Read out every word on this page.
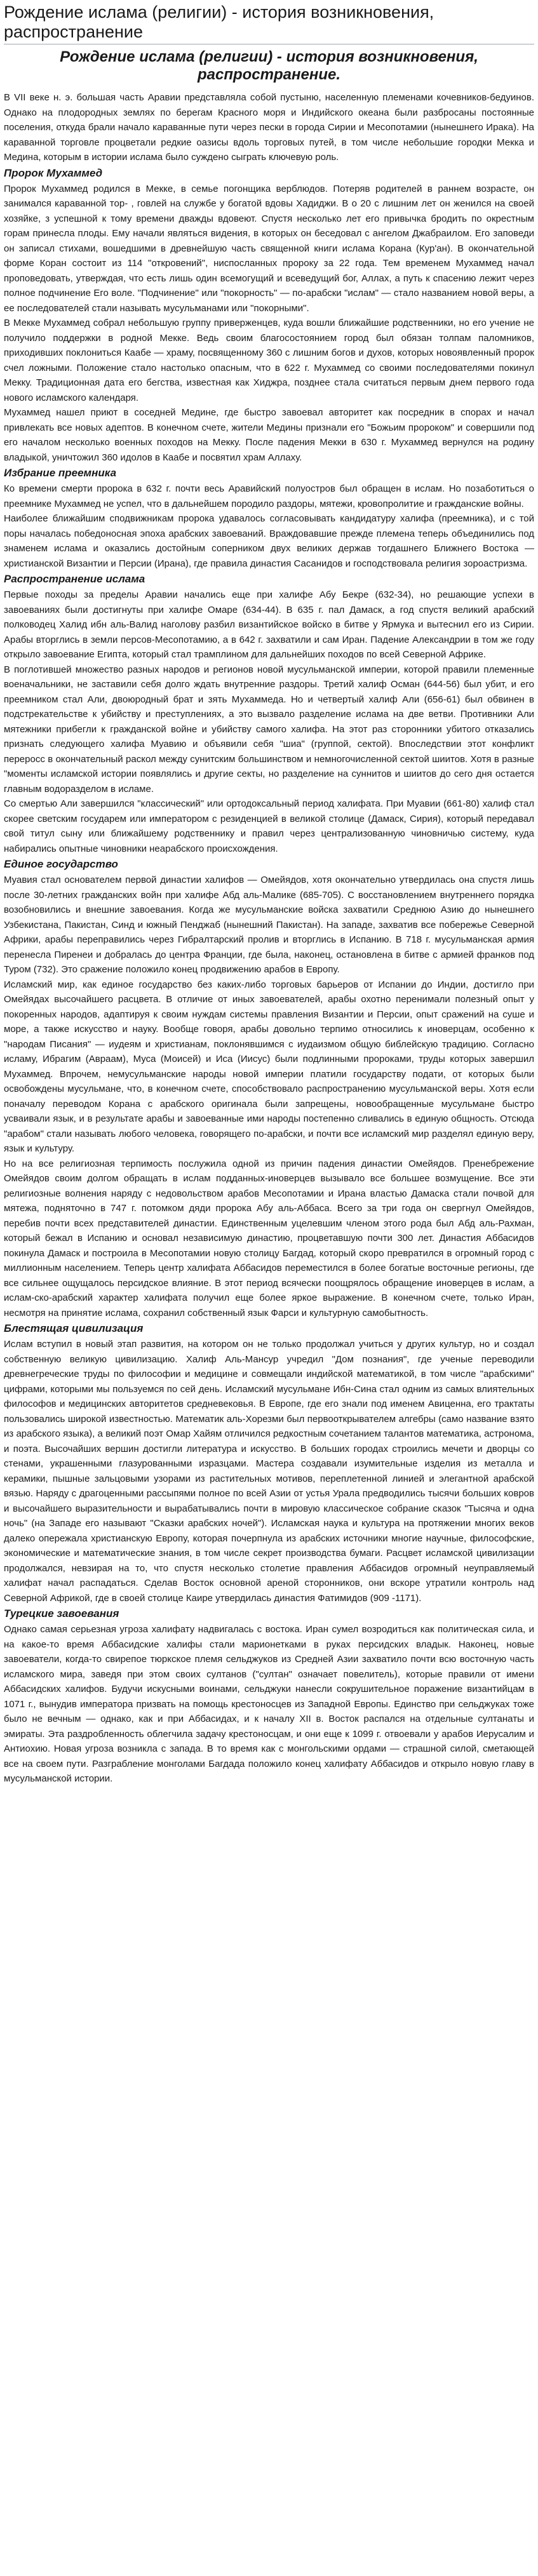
Рождение ислама (религии) - история возникновения, распространение
Рождение ислама (религии) - история возникновения, распространение.

В VII веке н. э. большая часть Аравии представляла собой пустыню, населенную племенами кочевников-бедуинов. Однако на плодородных землях по берегам Красного моря и Индийского океана были разбросаны постоянные поселения, откуда брали начало караванные пути через пески в города Сирии и Месопотамии (нынешнего Ирака). На караванной торговле процветали редкие оазисы вдоль торговых путей, в том числе небольшие городки Мекка и Медина, которым в истории ислама было суждено сыграть ключевую роль.

Пророк Мухаммед

Пророк Мухаммед родился в Мекке, в семье погонщика верблюдов. Потеряв родителей в раннем возрасте, он занимался караванной тор- , говлей на службе у богатой вдовы Хадиджи. В о 20 с лишним лет он женился на своей хозяйке, з успешной к тому времени дважды вдовеют. Спустя несколько лет его привычка бродить по окрестным горам принесла плоды. Ему начали являться видения, в которых он беседовал с ангелом Джабраилом. Его заповеди он записал стихами, вошедшими в древнейшую часть священной книги ислама Корана (Кур'ан). В окончательной форме Коран состоит из 114 "откровений", ниспосланных пророку за 22 года. Тем временем Мухаммед начал проповедовать, утверждая, что есть лишь один всемогущий и всеведущий бог, Аллах, а путь к спасению лежит через полное подчинение Его воле. "Подчинение" или "покорность" — по-арабски "ислам" — стало названием новой веры, а ее последователей стали называть мусульманами или "покорными".

В Мекке Мухаммед собрал небольшую группу приверженцев, куда вошли ближайшие родственники, но его учение не получило поддержки в родной Мекке. Ведь своим благосостоянием город был обязан толпам паломников, приходивших поклониться Каабе — храму, посвященному 360 с лишним богов и духов, которых новоявленный пророк счел ложными. Положение стало настолько опасным, что в 622 г. Мухаммед со своими последователями покинул Мекку. Традиционная дата его бегства, известная как Хиджра, позднее стала считаться первым днем первого года нового исламского календаря.

Мухаммед нашел приют в соседней Медине, где быстро завоевал авторитет как посредник в спорах и начал привлекать все новых адептов. В конечном счете, жители Медины признали его "Божьим пророком" и совершили под его началом несколько военных походов на Мекку. После падения Мекки в 630 г. Мухаммед вернулся на родину владыкой, уничтожил 360 идолов в Каабе и посвятил храм Аллаху.

Избрание преемника

Ко времени смерти пророка в 632 г. почти весь Аравийский полуостров был обращен в ислам. Но позаботиться о преемнике Мухаммед не успел, что в дальнейшем породило раздоры, мятежи, кровопролитие и гражданские войны.

Наиболее ближайшим сподвижникам пророка удавалось согласовывать кандидатуру халифа (преемника), и с той поры началась победоносная эпоха арабских завоеваний. Враждовавшие прежде племена теперь объединились под знаменем ислама и оказались достойным соперником двух великих держав тогдашнего Ближнего Востока — христианской Византии и Персии (Ирана), где правила династия Сасанидов и господствовала религия зороастризма.

Распространение ислама

Первые походы за пределы Аравии начались еще при халифе Абу Бекре (632-34), но решающие успехи в завоеваниях были достигнуты при халифе Омаре (634-44). В 635 г. пал Дамаск, а год спустя великий арабский полководец Халид ибн аль-Валид наголову разбил византийское войско в битве у Ярмука и вытеснил его из Сирии. Арабы вторглись в земли персов-Месопотамию, а в 642 г. захватили и сам Иран. Падение Александрии в том же году открыло завоевание Египта, который стал трамплином для дальнейших походов по всей Северной Африке.

В поглотившей множество разных народов и регионов новой мусульманской империи, которой правили племенные военачальники, не заставили себя долго ждать внутренние раздоры. Третий халиф Осман (644-56) был убит, и его преемником стал Али, двоюродный брат и зять Мухаммеда. Но и четвертый халиф Али (656-61) был обвинен в подстрекательстве к убийству и преступлениях, а это вызвало разделение ислама на две ветви. Противники Али мятежники прибегли к гражданской войне и убийству самого халифа. На этот раз сторонники убитого отказались признать следующего халифа Муавию и объявили себя "шиа" (группой, сектой). Впоследствии этот конфликт переросс в окончательный раскол между сунитским большинством и немногочисленной сектой шиитов. Хотя в разные "моменты исламской истории появлялись и другие секты, но разделение на суннитов и шиитов до сего дня остается главным водоразделом в исламе.

Со смертью Али завершился "классический" или ортодоксальный период халифата. При Муавии (661-80) халиф стал скорее светским государем или императором с резиденцией в великой столице (Дамаск, Сирия), который передавал свой титул сыну или ближайшему родственнику и правил через централизованную чиновничью систему, куда набирались опытные чиновники неарабского происхождения.

Единое государство

Муавия стал основателем первой династии халифов — Омейядов, хотя окончательно утвердилась она спустя лишь после 30-летних гражданских войн при халифе Абд аль-Малике (685-705). С восстановлением внутреннего порядка возобновились и внешние завоевания. Когда же мусульманские войска захватили Среднюю Азию до нынешнего Узбекистана, Пакистан, Синд и южный Пенджаб (нынешний Пакистан). На западе, захватив все побережье Северной Африки, арабы переправились через Гибралтарский пролив и вторглись в Испанию. В 718 г. мусульманская армия перенесла Пиренеи и добралась до центра Франции, где была, наконец, остановлена в битве с армией франков под Туром (732). Это сражение положило конец продвижению арабов в Европу.

Исламский мир, как единое государство без каких-либо торговых барьеров от Испании до Индии, достигло при Омейядах высочайшего расцвета. В отличие от иных завоевателей, арабы охотно перенимали полезный опыт у покоренных народов, адаптируя к своим нуждам системы правления Византии и Персии, опыт сражений на суше и море, а также искусство и науку. Вообще говоря, арабы довольно терпимо относились к иноверцам, особенно к "народам Писания" — иудеям и христианам, поклонявшимся с иудаизмом общую библейскую традицию. Согласно исламу, Ибрагим (Авраам), Муса (Моисей) и Иса (Иисус) были подлинными пророками, труды которых завершил Мухаммед. Впрочем, немусульманские народы новой империи платили государству подати, от которых были освобождены мусульмане, что, в конечном счете, способствовало распространению мусульманской веры. Хотя если поначалу переводом Корана с арабского оригинала были запрещены, новообращенные мусульмане быстро усваивали язык, и в результате арабы и завоеванные ими народы постепенно сливались в единую общность. Отсюда "арабом" стали называть любого человека, говорящего по-арабски, и почти все исламский мир разделял единую веру, язык и культуру.

Но на все религиозная терпимость послужила одной из причин падения династии Омейядов. Пренебрежение Омейядов своим долгом обращать в ислам подданных-иноверцев вызывало все большее возмущение. Все эти религиозные волнения наряду с недовольством арабов Месопотамии и Ирана властью Дамаска стали почвой для мятежа, подняточно в 747 г. потомком дяди пророка Абу аль-Аббаса. Всего за три года он свергнул Омейядов, перебив почти всех представителей династии. Единственным уцелевшим членом этого рода был Абд аль-Рахман, который бежал в Испанию и основал независимую династию, процветавшую почти 300 лет. Династия Аббасидов покинула Дамаск и построила в Месопотамии новую столицу Багдад, который скоро превратился в огромный город с миллионным населением. Теперь центр халифата Аббасидов переместился в более богатые восточные регионы, где все сильнее ощущалось персидское влияние. В этот период всячески поощрялось обращение иноверцев в ислам, а ислам-ско-арабский характер халифата получил еще более яркое выражение. В конечном счете, только Иран, несмотря на принятие ислама, сохранил собственный язык Фарси и культурную самобытность.

Блестящая цивилизация

Ислам вступил в новый этап развития, на котором он не только продолжал учиться у других культур, но и создал собственную великую цивилизацию. Халиф Аль-Мансур учредил "Дом познания", где ученые переводили древнегреческие труды по философии и медицине и совмещали индийской математикой, в том числе "арабскими" цифрами, которыми мы пользуемся по сей день. Исламский мусульмане Ибн-Сина стал одним из самых влиятельных философов и медицинских авторитетов средневековья. В Европе, где его знали под именем Авиценна, его трактаты пользовались широкой известностью. Математик аль-Хорезми был первооткрывателем алгебры (само название взято из арабского языка), а великий поэт Омар Хайям отличился редкостным сочетанием талантов математика, астронома, и поэта. Высочайших вершин достигли литература и искусство. В больших городах строились мечети и дворцы со стенами, украшенными глазурованными изразцами. Мастера создавали изумительные изделия из металла и керамики, пышные зальцовыми узорами из растительных мотивов, переплетенной линией и элегантной арабской вязью. Наряду с драгоценными рассыпями полное по всей Азии от устья Урала предводились тысячи больших ковров и высочайшего выразительности и вырабатывались почти в мировую классическое собрание сказок "Тысяча и одна ночь" (на Западе его называют "Сказки арабских ночей"). Исламская наука и культура на протяжении многих веков далеко опережала христианскую Европу, которая почерпнула из арабских источники многие научные, философские, экономические и математические знания, в том числе секрет производства бумаги. Расцвет исламской цивилизации продолжался, невзирая на то, что спустя несколько столетие правления Аббасидов огромный неуправляемый халифат начал распадаться. Сделав Восток основной ареной сторонников, они вскоре утратили контроль над Северной Африкой, где в своей столице Каире утвердилась династия Фатимидов (909 -1171).

Турецкие завоевания

Однако самая серьезная угроза халифату надвигалась с востока. Иран сумел возродиться как политическая сила, и на какое-то время Аббасидские халифы стали марионетками в руках персидских владык. Наконец, новые завоеватели, когда-то свирепое тюркское племя сельджуков из Средней Азии захватило почти всю восточную часть исламского мира, заведя при этом своих султанов ("султан" означает повелитель), которые правили от имени Аббасидских халифов. Будучи искусными воинами, сельджуки нанесли сокрушительное поражение византийцам в 1071 г., вынудив императора призвать на помощь крестоносцев из Западной Европы. Единство при сельджуках тоже было не вечным — однако, как и при Аббасидах, и к началу XII в. Восток распался на отдельные султанаты и эмираты. Эта раздробленность облегчила задачу крестоносцам, и они еще к 1099 г. отвоевали у арабов Иерусалим и Антиохию. Новая угроза возникла с запада. В то время как с монгольскими ордами — страшной силой, сметающей все на своем пути. Разграбление монголами Багдада положило конец халифату Аббасидов и открыло новую главу в мусульманской истории.
